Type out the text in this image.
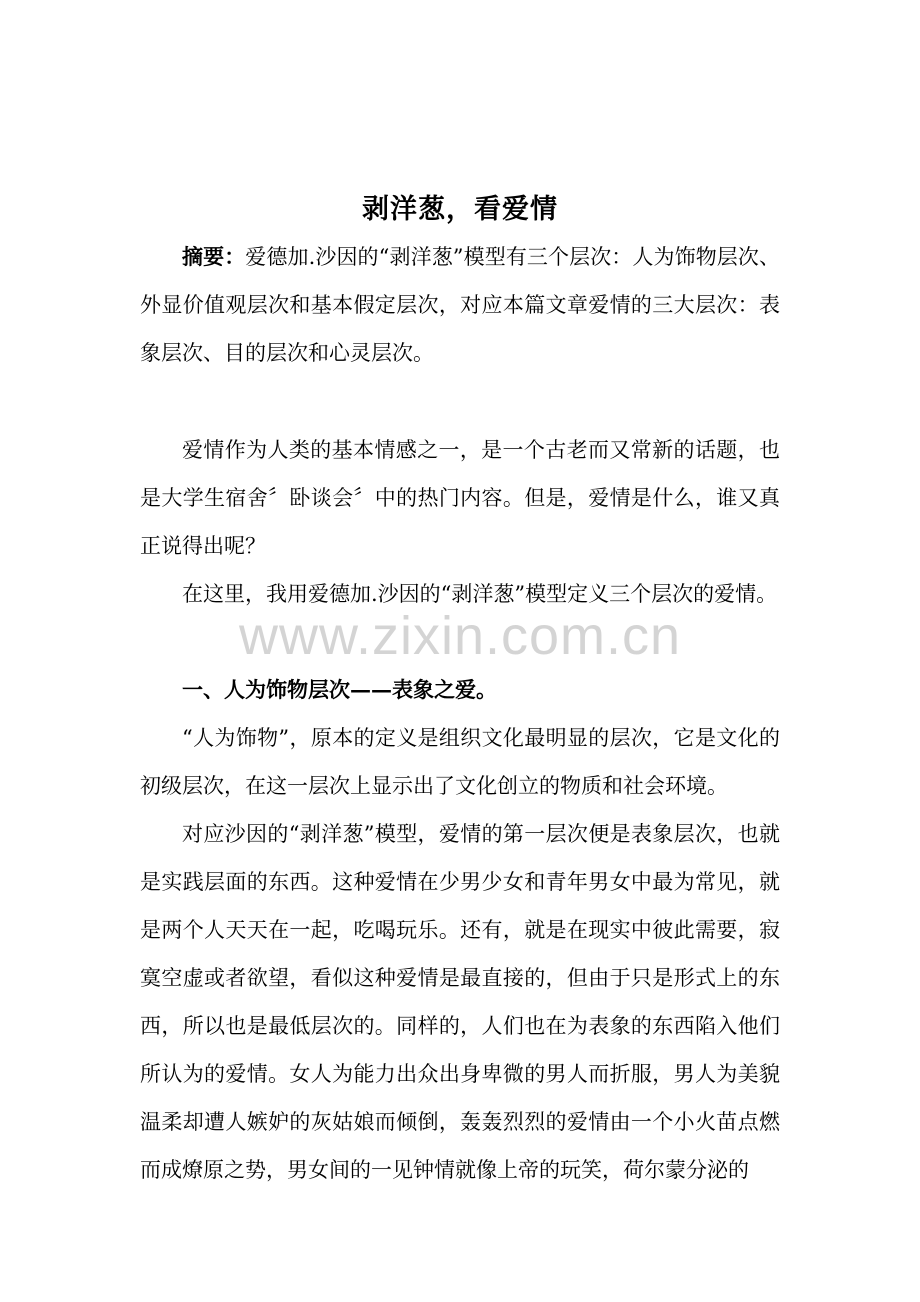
剥洋葱，看爱情

摘要：爱德加.沙因的“剥洋葱”模型有三个层次：人为饰物层次、外显价值观层次和基本假定层次，对应本篇文章爱情的三大层次：表象层次、目的层次和心灵层次。

爱情作为人类的基本情感之一，是一个古老而又常新的话题，也是大学生宿舍〞卧谈会〞中的热门内容。但是，爱情是什么，谁又真正说得出呢？

在这里，我用爱德加.沙因的“剥洋葱”模型定义三个层次的爱情。

一、人为饰物层次——表象之爱。

“人为饰物”，原本的定义是组织文化最明显的层次，它是文化的初级层次，在这一层次上显示出了文化创立的物质和社会环境。

对应沙因的“剥洋葱”模型，爱情的第一层次便是表象层次，也就是实践层面的东西。这种爱情在少男少女和青年男女中最为常见，就是两个人天天在一起，吃喝玩乐。还有，就是在现实中彼此需要，寂寞空虚或者欲望，看似这种爱情是最直接的，但由于只是形式上的东西，所以也是最低层次的。同样的，人们也在为表象的东西陷入他们所认为的爱情。女人为能力出众出身卑微的男人而折服，男人为美貌温柔却遭人嫉妒的灰姑娘而倾倒，轰轰烈烈的爱情由一个小火苗点燃而成燎原之势，男女间的一见钟情就像上帝的玩笑，荷尔蒙分泌的

www.zixin.com.cn
